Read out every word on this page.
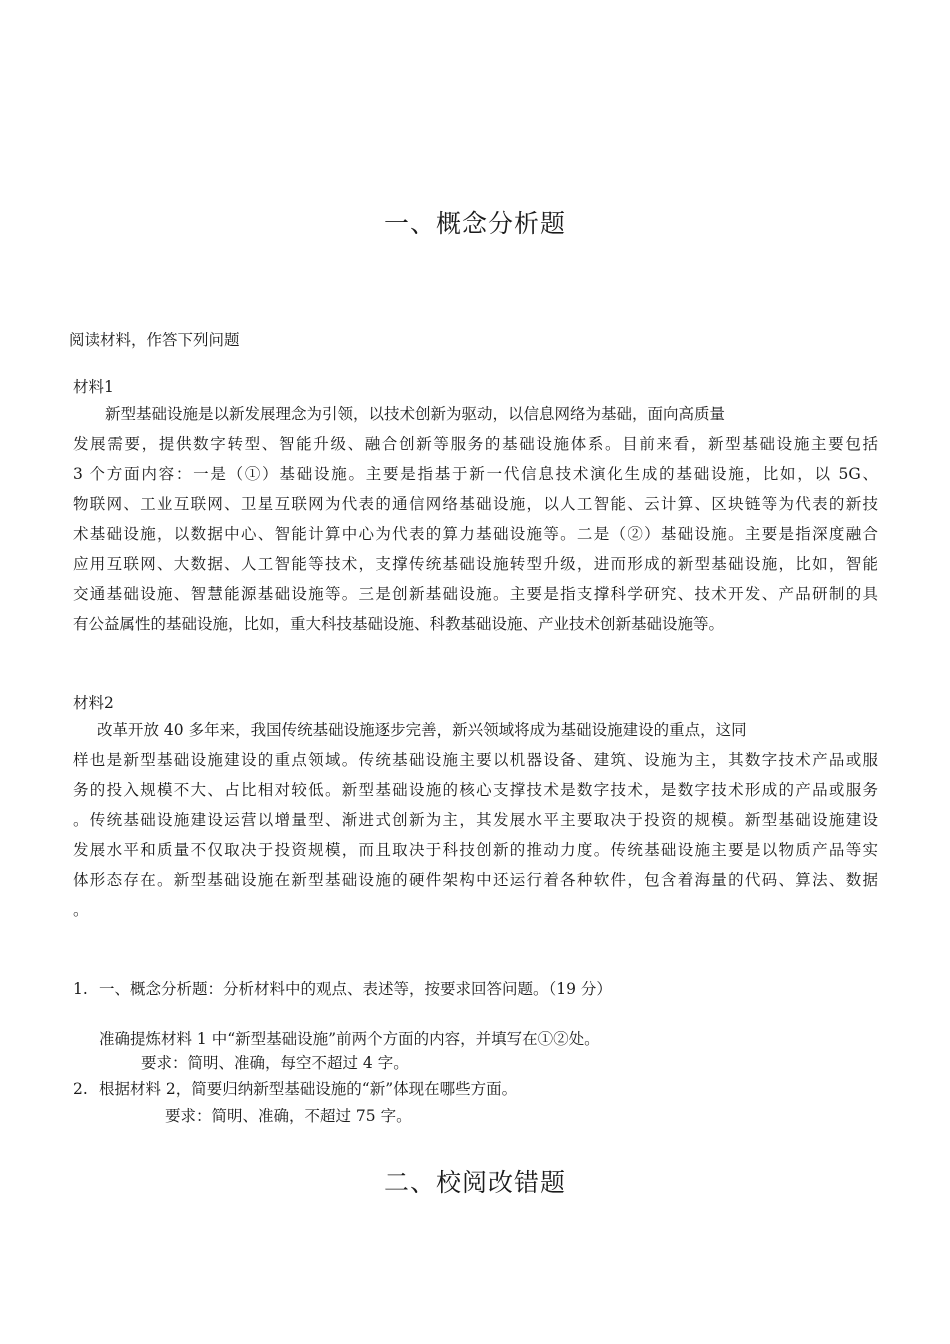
一、概念分析题
阅读材料，作答下列问题
材料1
新型基础设施是以新发展理念为引领，以技术创新为驱动，以信息网络为基础，面向高质量
发展需要，提供数字转型、智能升级、融合创新等服务的基础设施体系。目前来看，新型基础设施主要包括
3 个方面内容：一是（①）基础设施。主要是指基于新一代信息技术演化生成的基础设施，比如，以 5G、
物联网、工业互联网、卫星互联网为代表的通信网络基础设施，以人工智能、云计算、区块链等为代表的新技
术基础设施，以数据中心、智能计算中心为代表的算力基础设施等。二是（②）基础设施。主要是指深度融合
应用互联网、大数据、人工智能等技术，支撑传统基础设施转型升级，进而形成的新型基础设施，比如，智能
交通基础设施、智慧能源基础设施等。三是创新基础设施。主要是指支撑科学研究、技术开发、产品研制的具
有公益属性的基础设施，比如，重大科技基础设施、科教基础设施、产业技术创新基础设施等。
材料2
改革开放 40 多年来，我国传统基础设施逐步完善，新兴领域将成为基础设施建设的重点，这同
样也是新型基础设施建设的重点领域。传统基础设施主要以机器设备、建筑、设施为主，其数字技术产品或服
务的投入规模不大、占比相对较低。新型基础设施的核心支撑技术是数字技术，是数字技术形成的产品或服务
。传统基础设施建设运营以增量型、渐进式创新为主，其发展水平主要取决于投资的规模。新型基础设施建设
发展水平和质量不仅取决于投资规模，而且取决于科技创新的推动力度。传统基础设施主要是以物质产品等实
体形态存在。新型基础设施在新型基础设施的硬件架构中还运行着各种软件，包含着海量的代码、算法、数据
。
1. 一、概念分析题：分析材料中的观点、表述等，按要求回答问题。（19 分）
准确提炼材料 1 中“新型基础设施”前两个方面的内容，并填写在①②处。
要求：简明、准确，每空不超过 4 字。
2. 根据材料 2，简要归纳新型基础设施的“新”体现在哪些方面。
要求：简明、准确，不超过 75 字。
二、校阅改错题
